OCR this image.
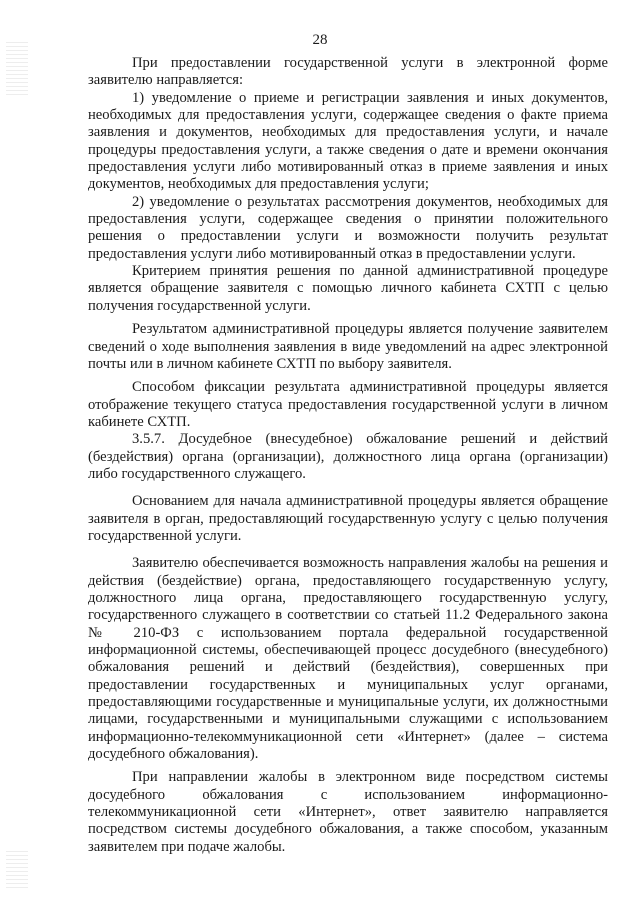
28

При предоставлении государственной услуги в электронной форме заявителю направляется:

1) уведомление о приеме и регистрации заявления и иных документов, необходимых для предоставления услуги, содержащее сведения о факте приема заявления и документов, необходимых для предоставления услуги, и начале процедуры предоставления услуги, а также сведения о дате и времени окончания предоставления услуги либо мотивированный отказ в приеме заявления и иных документов, необходимых для предоставления услуги;

2) уведомление о результатах рассмотрения документов, необходимых для предоставления услуги, содержащее сведения о принятии положительного решения о предоставлении услуги и возможности получить результат предоставления услуги либо мотивированный отказ в предоставлении услуги.

Критерием принятия решения по данной административной процедуре является обращение заявителя с помощью личного кабинета СХТП с целью получения государственной услуги.

Результатом административной процедуры является получение заявителем сведений о ходе выполнения заявления в виде уведомлений на адрес электронной почты или в личном кабинете СХТП по выбору заявителя.

Способом фиксации результата административной процедуры является отображение текущего статуса предоставления государственной услуги в личном кабинете СХТП.

3.5.7. Досудебное (внесудебное) обжалование решений и действий (бездействия) органа (организации), должностного лица органа (организации) либо государственного служащего.

Основанием для начала административной процедуры является обращение заявителя в орган, предоставляющий государственную услугу с целью получения государственной услуги.

Заявителю обеспечивается возможность направления жалобы на решения и действия (бездействие) органа, предоставляющего государственную услугу, должностного лица органа, предоставляющего государственную услугу, государственного служащего в соответствии со статьей 11.2 Федерального закона № 210-ФЗ с использованием портала федеральной государственной информационной системы, обеспечивающей процесс досудебного (внесудебного) обжалования решений и действий (бездействия), совершенных при предоставлении государственных и муниципальных услуг органами, предоставляющими государственные и муниципальные услуги, их должностными лицами, государственными и муниципальными служащими с использованием информационно-телекоммуникационной сети «Интернет» (далее – система досудебного обжалования).

При направлении жалобы в электронном виде посредством системы досудебного обжалования с использованием информационно-телекоммуникационной сети «Интернет», ответ заявителю направляется посредством системы досудебного обжалования, а также способом, указанным заявителем при подаче жалобы.
